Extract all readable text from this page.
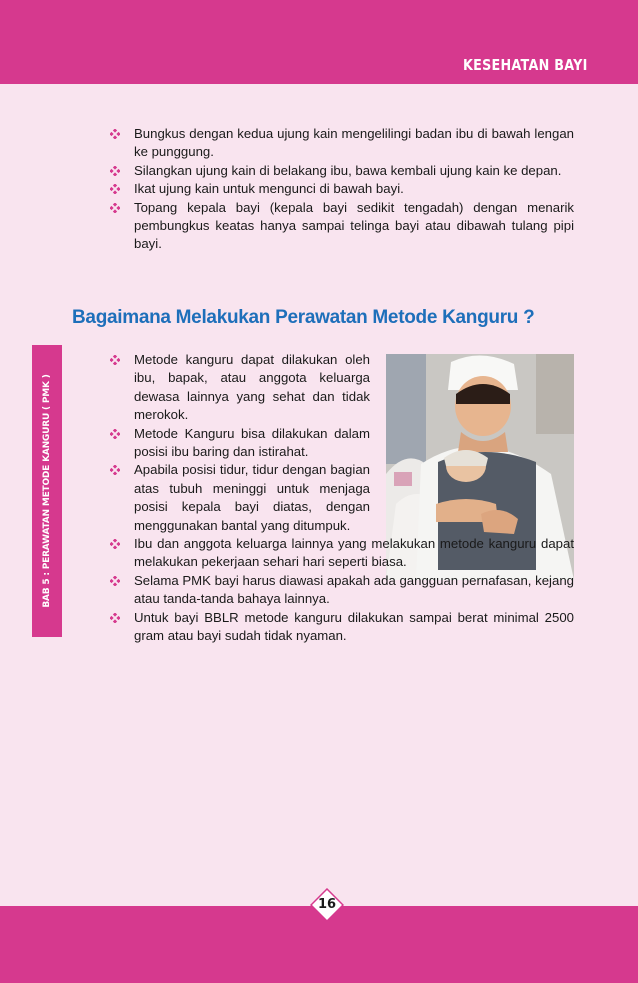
KESEHATAN BAYI
BAB 5 : PERAWATAN METODE KANGURU ( PMK )
Bungkus dengan kedua ujung kain mengelilingi badan ibu di bawah lengan ke punggung.
Silangkan ujung kain di belakang ibu, bawa kembali ujung kain ke depan.
Ikat ujung kain untuk mengunci di bawah bayi.
Topang kepala bayi (kepala bayi sedikit tengadah) dengan menarik pembungkus keatas hanya sampai telinga bayi atau dibawah tulang pipi bayi.
Bagaimana Melakukan Perawatan Metode Kanguru ?
Metode kanguru dapat dilakukan oleh ibu, bapak, atau anggota keluarga dewasa lainnya yang sehat dan tidak merokok.
Metode Kanguru bisa dilakukan dalam posisi ibu baring dan istirahat.
Apabila posisi tidur, tidur dengan bagian atas tubuh meninggi untuk menjaga posisi kepala bayi diatas, dengan menggunakan bantal yang ditumpuk.
Ibu dan anggota keluarga lainnya yang melakukan metode kanguru dapat melakukan pekerjaan sehari hari seperti biasa.
Selama PMK bayi harus diawasi apakah ada gangguan pernafasan, kejang atau tanda-tanda bahaya lainnya.
Untuk bayi BBLR metode kanguru dilakukan sampai berat minimal 2500 gram atau bayi sudah tidak nyaman.
16
